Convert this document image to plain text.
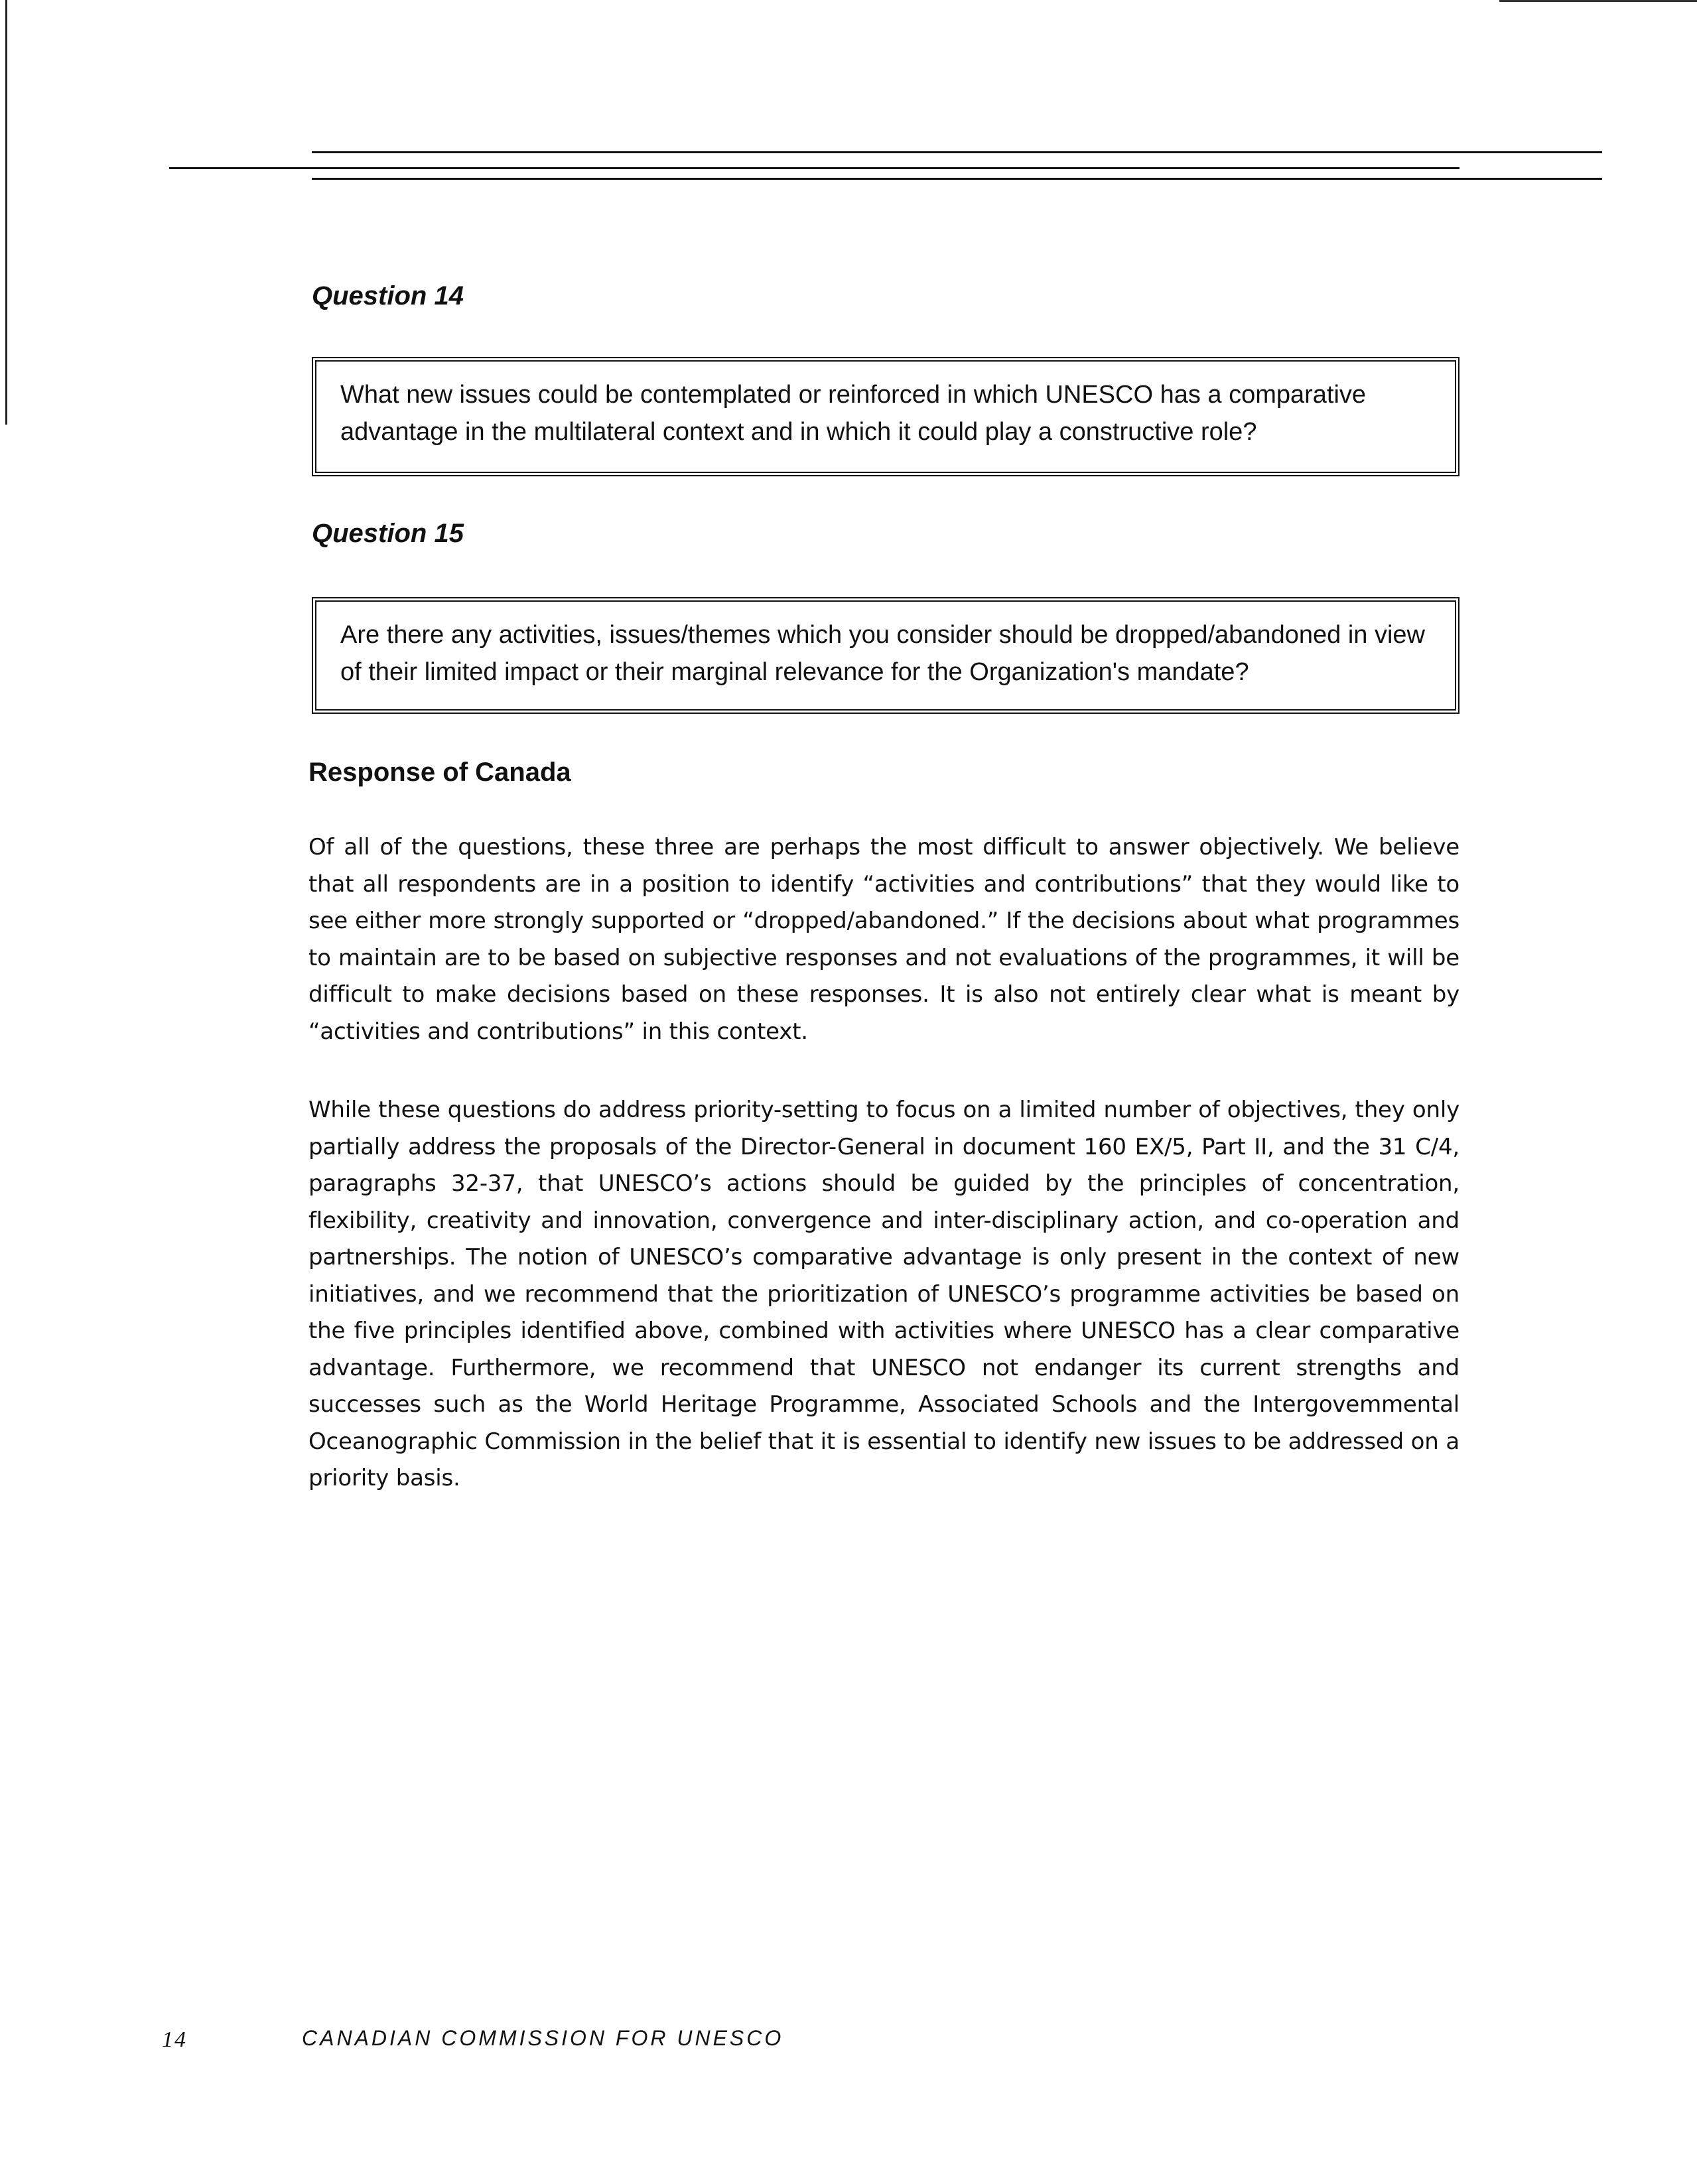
Question 14
What new issues could be contemplated or reinforced in which UNESCO has a comparative advantage in the multilateral context and in which it could play a constructive role?
Question 15
Are there any activities, issues/themes which you consider should be dropped/abandoned in view of their limited impact or their marginal relevance for the Organization's mandate?
Response of Canada

Of all of the questions, these three are perhaps the most difficult to answer objectively. We believe that all respondents are in a position to identify “activities and contributions” that they would like to see either more strongly supported or “dropped/abandoned.” If the decisions about what programmes to maintain are to be based on subjective responses and not evaluations of the programmes, it will be difficult to make decisions based on these responses. It is also not entirely clear what is meant by “activities and contributions” in this context.

While these questions do address priority-setting to focus on a limited number of objectives, they only partially address the proposals of the Director-General in document 160 EX/5, Part II, and the 31 C/4, paragraphs 32-37, that UNESCO’s actions should be guided by the principles of concentration, flexibility, creativity and innovation, convergence and inter-disciplinary action, and co-operation and partnerships. The notion of UNESCO’s comparative advantage is only present in the context of new initiatives, and we recommend that the prioritization of UNESCO’s programme activities be based on the five principles identified above, combined with activities where UNESCO has a clear comparative advantage. Furthermore, we recommend that UNESCO not endanger its current strengths and successes such as the World Heritage Programme, Associated Schools and the Intergovemmental Oceanographic Commission in the belief that it is essential to identify new issues to be addressed on a priority basis.

14	CANADIAN COMMISSION FOR UNESCO
